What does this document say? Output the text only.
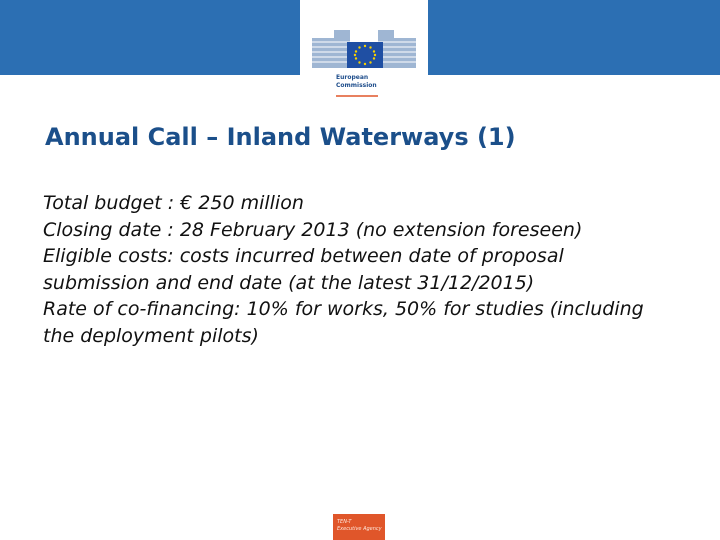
European
Commission
Annual Call – Inland Waterways (1)

Total budget : € 250 million

Closing date : 28 February 2013 (no extension foreseen)

Eligible costs: costs incurred between date of proposal submission and end date (at the latest 31/12/2015)

Rate of co-financing: 10% for works, 50% for studies (including the deployment pilots)

TEN-T
Executive Agency
